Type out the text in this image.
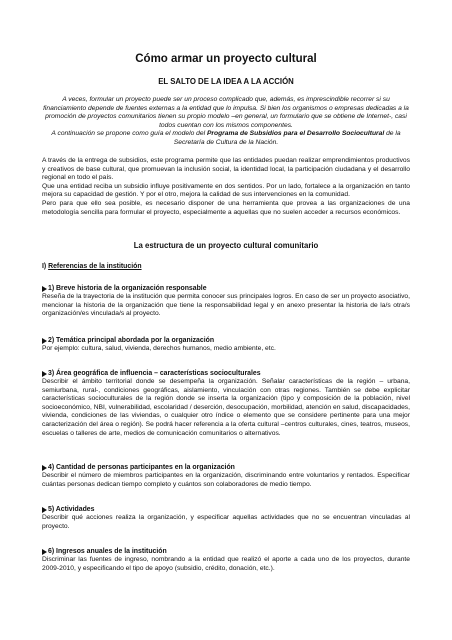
Cómo armar un proyecto cultural
EL SALTO DE LA IDEA A LA ACCIÓN

A veces, formular un proyecto puede ser un proceso complicado que, además, es imprescindible recorrer si su financiamiento depende de fuentes externas a la entidad que lo impulsa. Si bien los organismos o empresas dedicadas a la promoción de proyectos comunitarios tienen su propio modelo –en general, un formulario que se obtiene de Internet-, casi todos cuentan con los mismos componentes.

A continuación se propone como guía el modelo del Programa de Subsidios para el Desarrollo Sociocultural de la Secretaría de Cultura de la Nación.

A través de la entrega de subsidios, este programa permite que las entidades puedan realizar emprendimientos productivos y creativos de base cultural, que promuevan la inclusión social, la identidad local, la participación ciudadana y el desarrollo regional en todo el país.

Que una entidad reciba un subsidio influye positivamente en dos sentidos. Por un lado, fortalece a la organización en tanto mejora su capacidad de gestión. Y por el otro, mejora la calidad de sus intervenciones en la comunidad.

Pero para que ello sea posible, es necesario disponer de una herramienta que provea a las organizaciones de una metodología sencilla para formular el proyecto, especialmente a aquellas que no suelen acceder a recursos económicos.

La estructura de un proyecto cultural comunitario

I) Referencias de la institución

1) Breve historia de la organización responsable

Reseña de la trayectoria de la institución que permita conocer sus principales logros. En caso de ser un proyecto asociativo, mencionar la historia de la organización que tiene la responsabilidad legal y en anexo presentar la historia de la/s otra/s organización/es vinculada/s al proyecto.

2) Temática principal abordada por la organización

Por ejemplo: cultura, salud, vivienda, derechos humanos, medio ambiente, etc.

3) Área geográfica de influencia – características socioculturales

Describir el ámbito territorial donde se desempeña la organización. Señalar características de la región – urbana, semiurbana, rural-, condiciones geográficas, aislamiento, vinculación con otras regiones. También se debe explicitar características socioculturales de la región donde se inserta la organización (tipo y composición de la población, nivel socioeconómico, NBI, vulnerabilidad, escolaridad / deserción, desocupación, morbilidad, atención en salud, discapacidades, vivienda, condiciones de las viviendas, o cualquier otro índice o elemento que se considere pertinente para una mejor caracterización del área o región). Se podrá hacer referencia a la oferta cultural –centros culturales, cines, teatros, museos, escuelas o talleres de arte, medios de comunicación comunitarios o alternativos.

4) Cantidad de personas participantes en la organización

Describir el número de miembros participantes en la organización, discriminando entre voluntarios y rentados. Especificar cuántas personas dedican tiempo completo y cuántos son colaboradores de medio tiempo.

5) Actividades

Describir qué acciones realiza la organización, y especificar aquellas actividades que no se encuentran vinculadas al proyecto.

6) Ingresos anuales de la institución

Discriminar las fuentes de ingreso, nombrando a la entidad que realizó el aporte a cada uno de los proyectos, durante 2009-2010, y especificando el tipo de apoyo (subsidio, crédito, donación, etc.).
